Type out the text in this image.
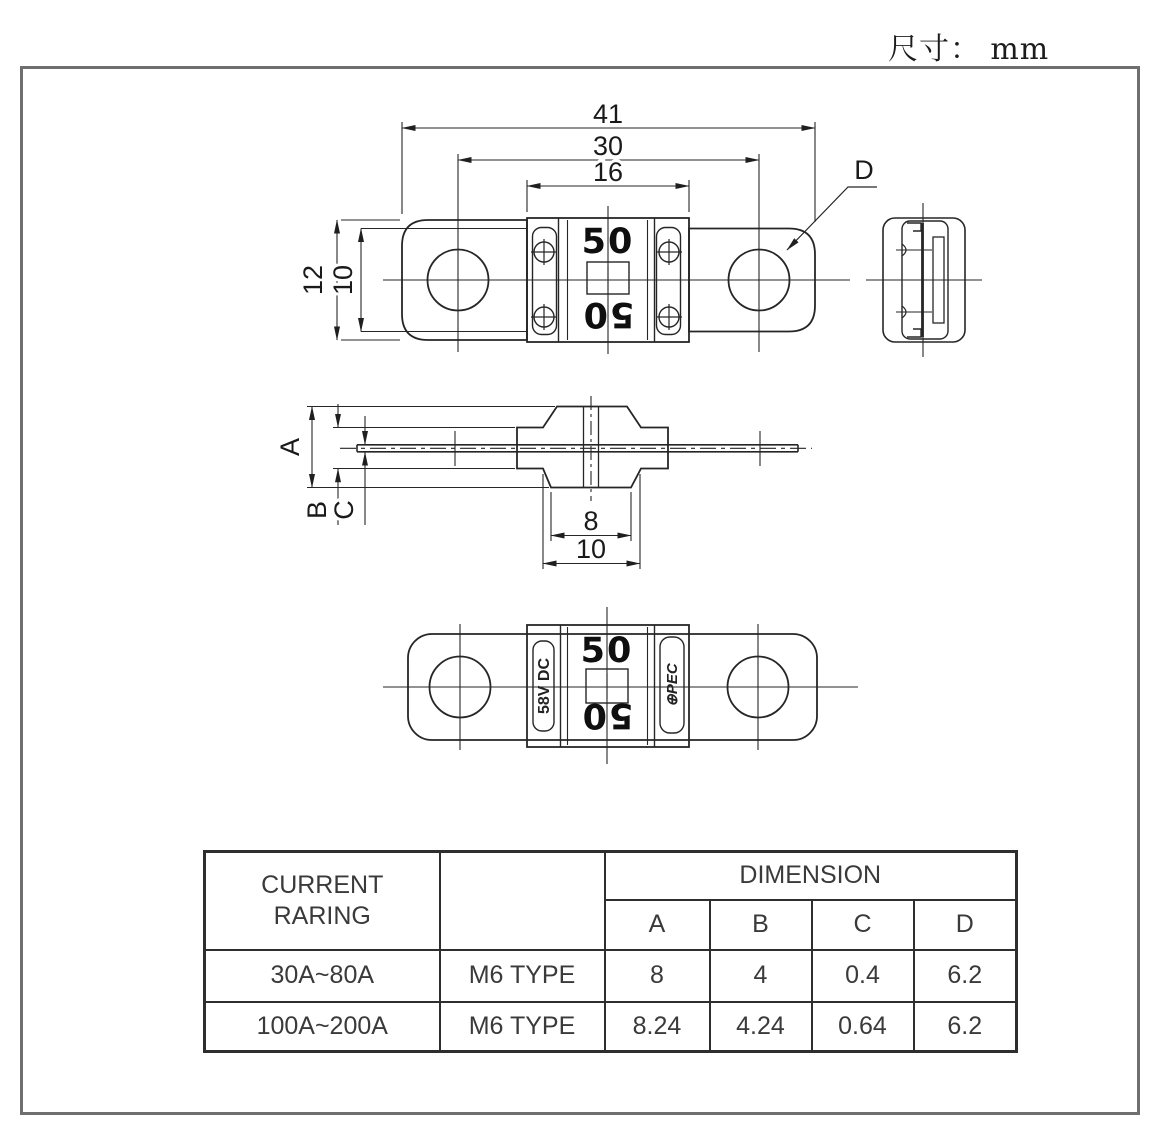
尺寸： mm
50
50
41
30
16
12 10
D
A
B
C	8
10
58V DC	⊕PEC
50
50
CURRENT
RARING		DIMENSION			
		A	B	C	D
30A~80A	M6 TYPE	8	4	0.4	6.2
100A~200A	M6 TYPE	8.24	4.24	0.64	6.2
